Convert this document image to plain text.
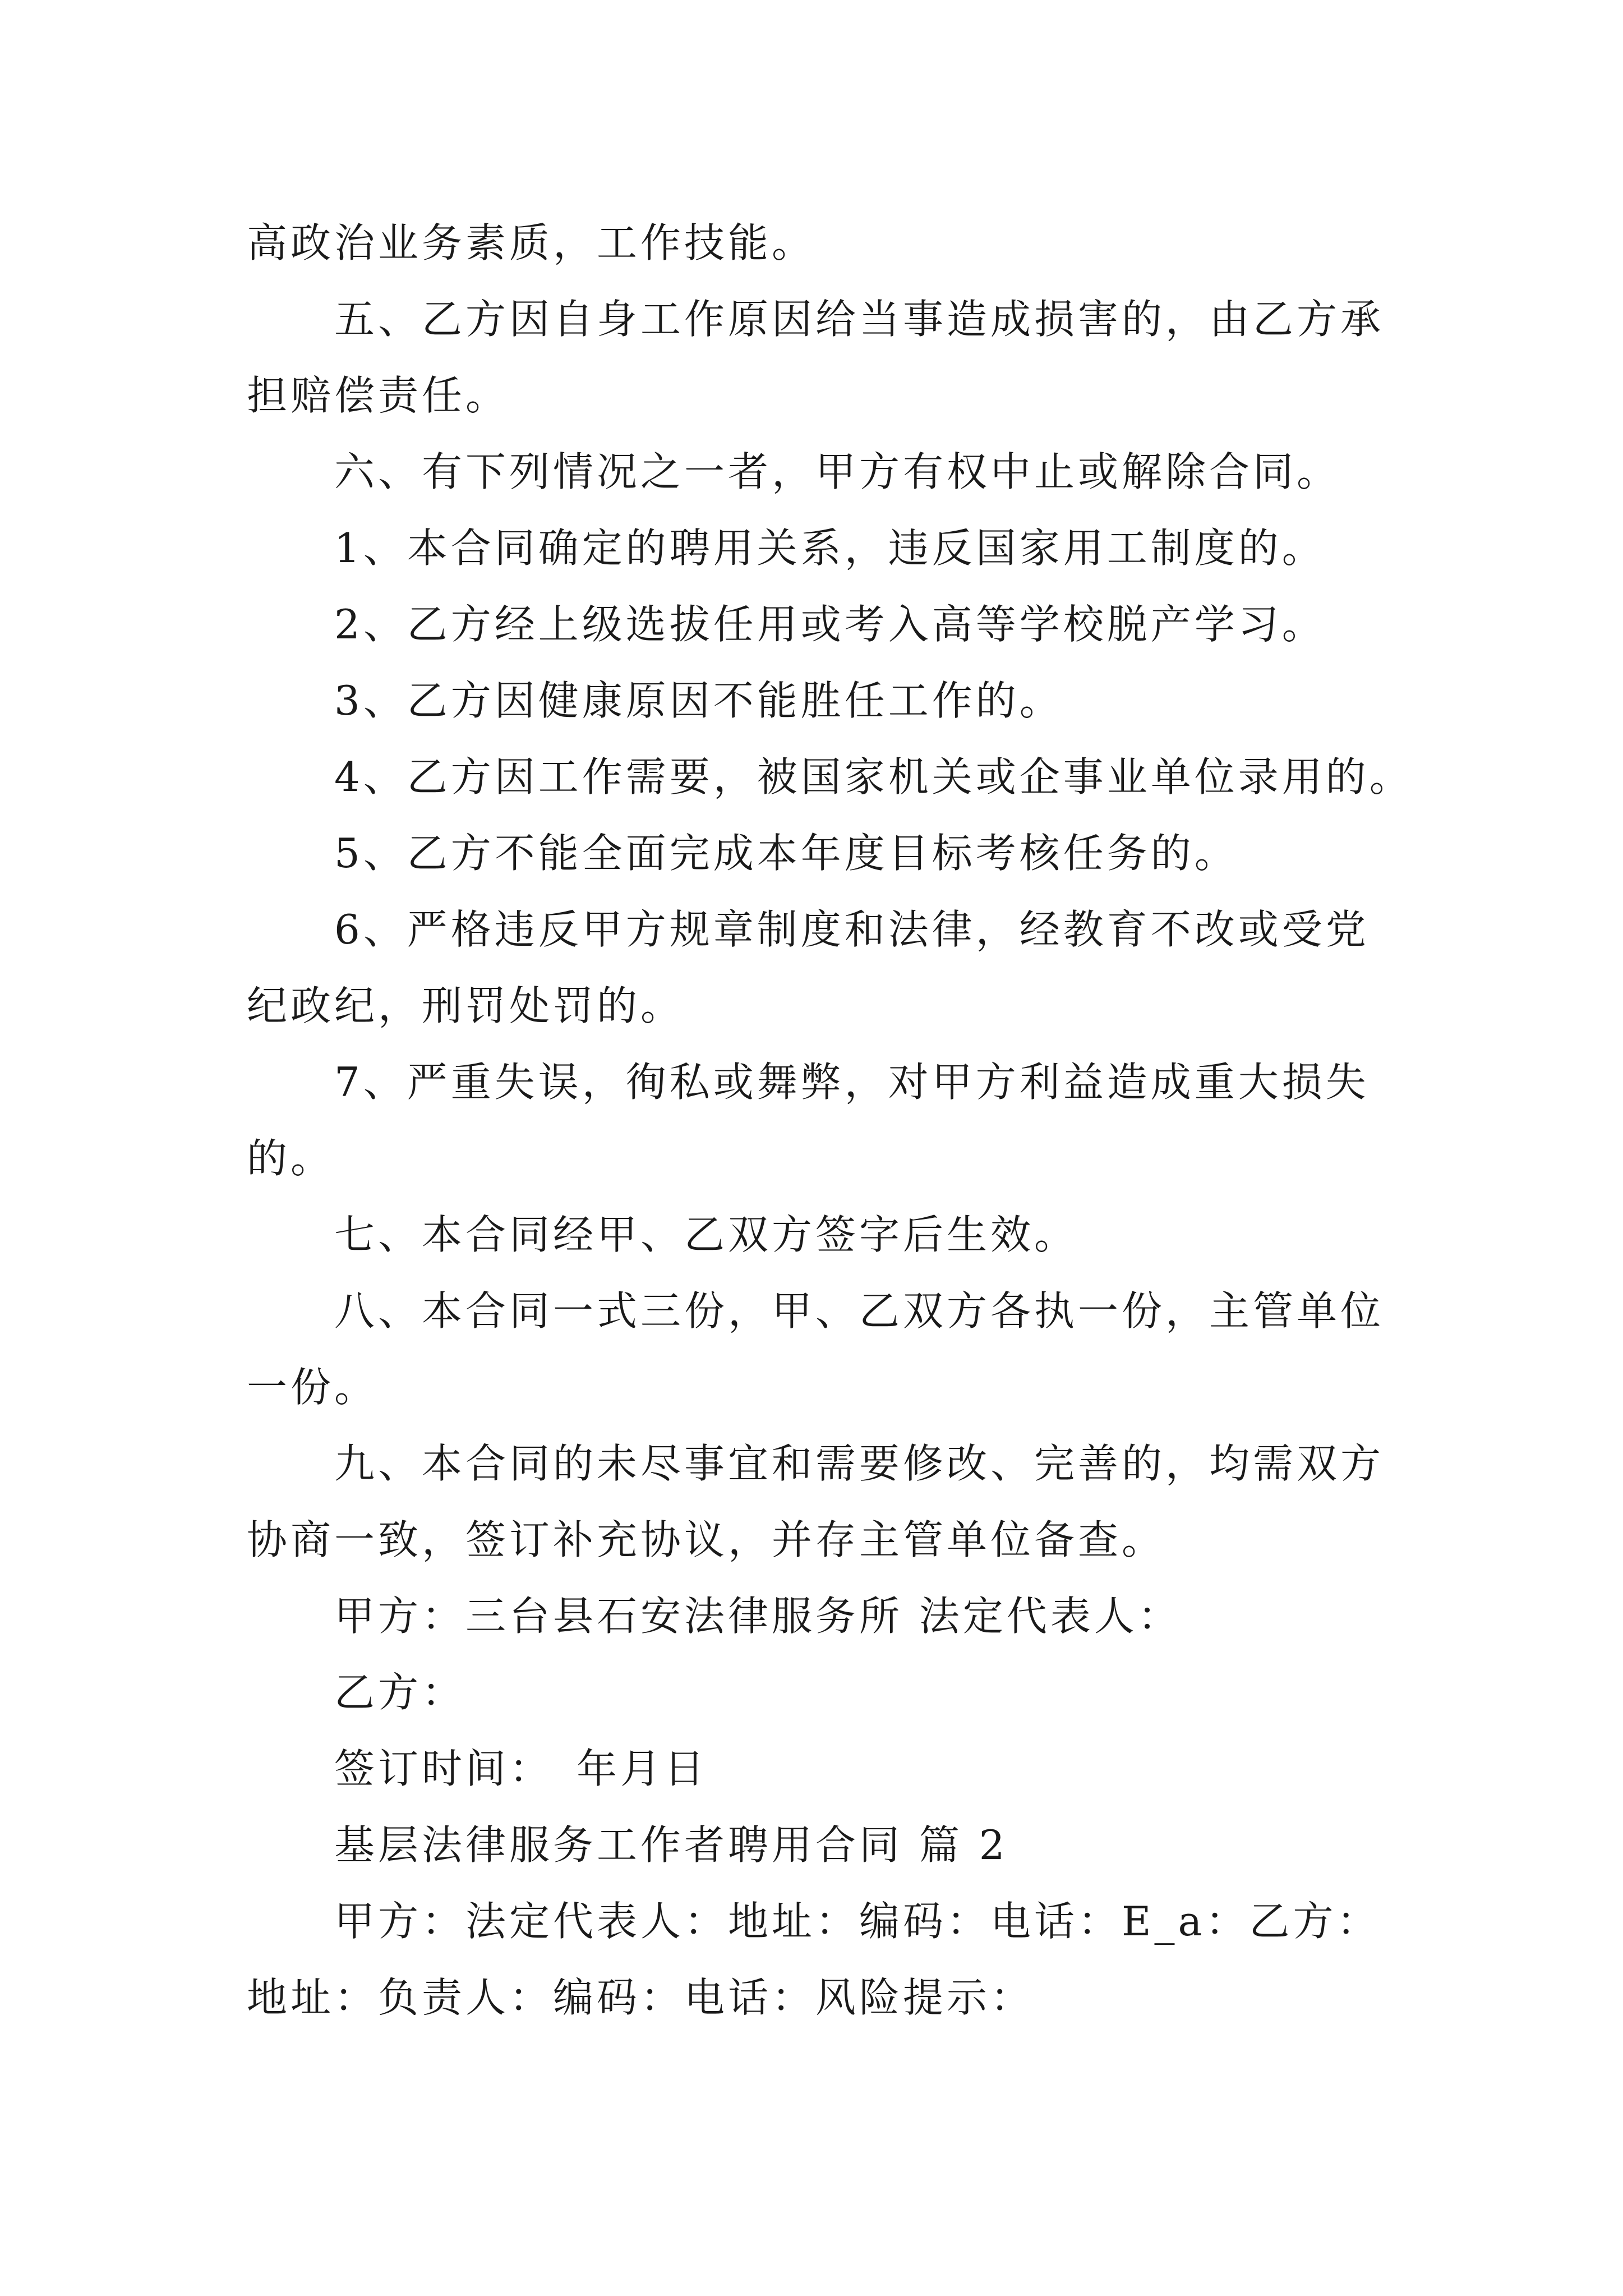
高政治业务素质，工作技能。
五、乙方因自身工作原因给当事造成损害的，由乙方承
担赔偿责任。
六、有下列情况之一者，甲方有权中止或解除合同。
1、本合同确定的聘用关系，违反国家用工制度的。
2、乙方经上级选拔任用或考入高等学校脱产学习。
3、乙方因健康原因不能胜任工作的。
4、乙方因工作需要，被国家机关或企事业单位录用的。
5、乙方不能全面完成本年度目标考核任务的。
6、严格违反甲方规章制度和法律，经教育不改或受党
纪政纪，刑罚处罚的。
7、严重失误，徇私或舞弊，对甲方利益造成重大损失
的。
七、本合同经甲、乙双方签字后生效。
八、本合同一式三份，甲、乙双方各执一份，主管单位
一份。
九、本合同的未尽事宜和需要修改、完善的，均需双方
协商一致，签订补充协议，并存主管单位备查。
甲方：三台县石安法律服务所 法定代表人：
乙方：
签订时间：　年月日
基层法律服务工作者聘用合同 篇 2
甲方：法定代表人：地址：编码：电话：E_a：乙方：
地址：负责人：编码：电话：风险提示：
